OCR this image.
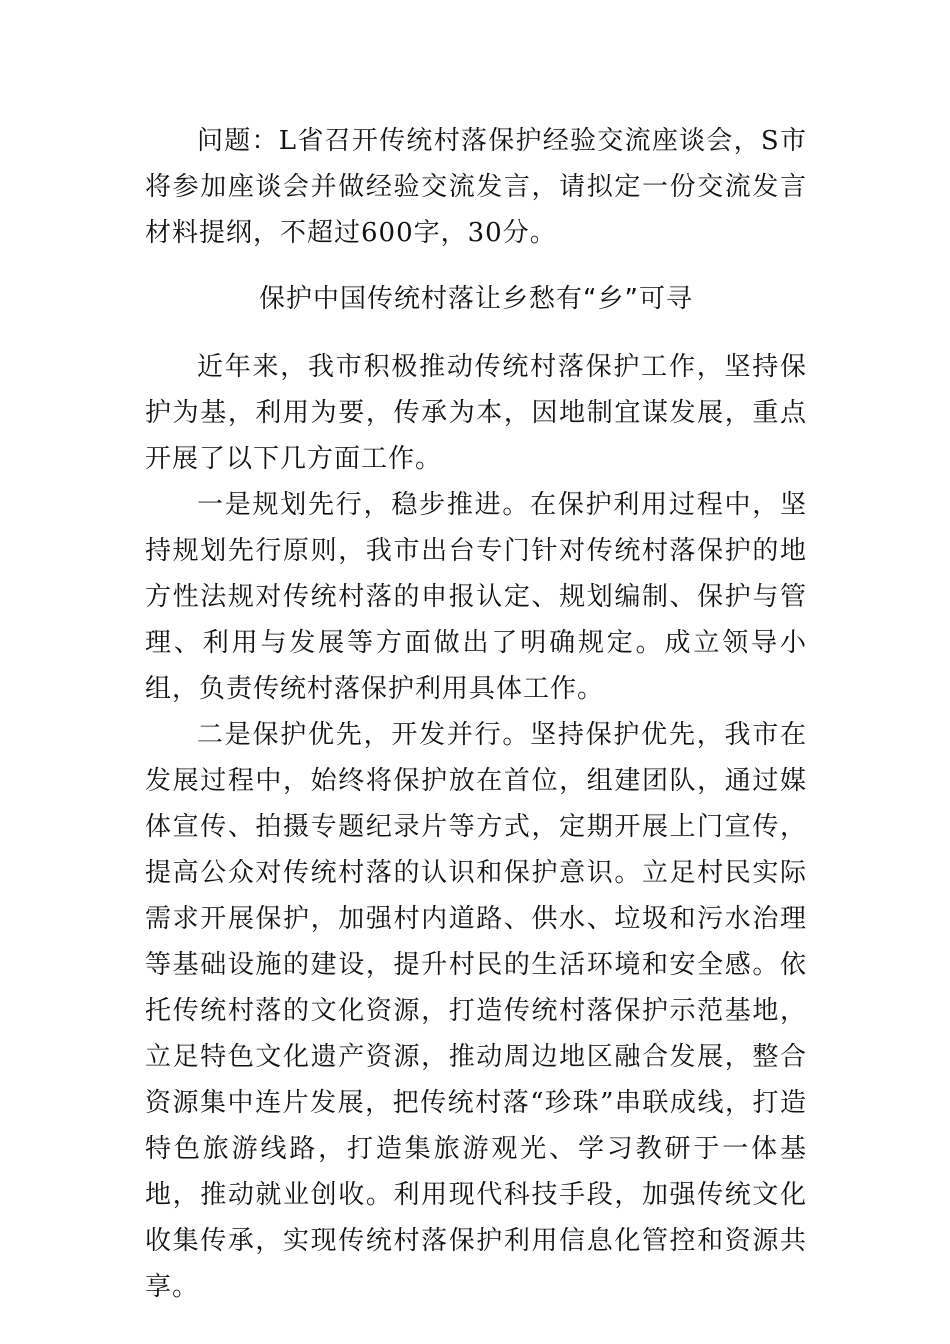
问题：L省召开传统村落保护经验交流座谈会，S市将参加座谈会并做经验交流发言，请拟定一份交流发言材料提纲，不超过600字，30分。

保护中国传统村落让乡愁有“乡”可寻

近年来，我市积极推动传统村落保护工作，坚持保护为基，利用为要，传承为本，因地制宜谋发展，重点开展了以下几方面工作。

一是规划先行，稳步推进。在保护利用过程中，坚持规划先行原则，我市出台专门针对传统村落保护的地方性法规对传统村落的申报认定、规划编制、保护与管理、利用与发展等方面做出了明确规定。成立领导小组，负责传统村落保护利用具体工作。

二是保护优先，开发并行。坚持保护优先，我市在发展过程中，始终将保护放在首位，组建团队，通过媒体宣传、拍摄专题纪录片等方式，定期开展上门宣传，提高公众对传统村落的认识和保护意识。立足村民实际需求开展保护，加强村内道路、供水、垃圾和污水治理等基础设施的建设，提升村民的生活环境和安全感。依托传统村落的文化资源，打造传统村落保护示范基地，立足特色文化遗产资源，推动周边地区融合发展，整合资源集中连片发展，把传统村落“珍珠”串联成线，打造特色旅游线路，打造集旅游观光、学习教研于一体基地，推动就业创收。利用现代科技手段，加强传统文化收集传承，实现传统村落保护利用信息化管控和资源共享。
